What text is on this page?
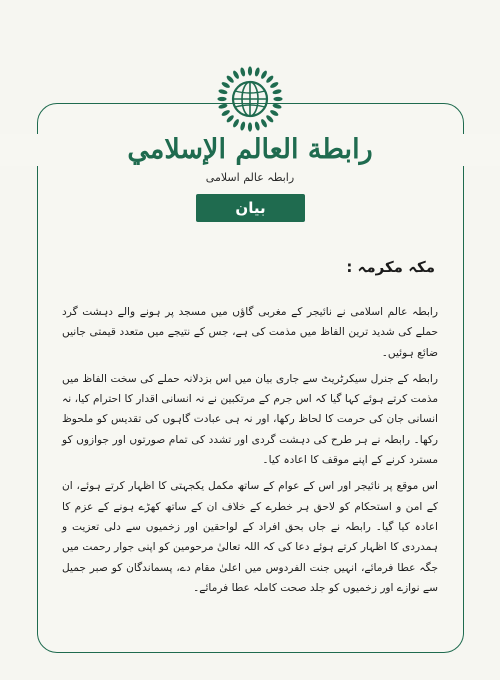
رابطة العالم الإسلامي
رابطہ عالم اسلامی
بیان
مکہ مکرمہ :

رابطہ عالم اسلامی نے نائیجر کے مغربی گاؤں میں مسجد پر ہونے والے دہشت گرد حملے کی شدید ترین الفاظ میں مذمت کی ہے، جس کے نتیجے میں متعدد قیمتی جانیں ضائع ہوئیں۔

رابطہ کے جنرل سیکرٹریٹ سے جاری بیان میں اس بزدلانہ حملے کی سخت الفاظ میں مذمت کرتے ہوئے کہا گیا کہ اس جرم کے مرتکبین نے نہ انسانی اقدار کا احترام کیا، نہ انسانی جان کی حرمت کا لحاظ رکھا، اور نہ ہی عبادت گاہوں کی تقدیس کو ملحوظ رکھا۔ رابطہ نے ہر طرح کی دہشت گردی اور تشدد کی تمام صورتوں اور جوازوں کو مسترد کرنے کے اپنے موقف کا اعادہ کیا۔

اس موقع پر نائیجر اور اس کے عوام کے ساتھ مکمل یکجہتی کا اظہار کرتے ہوئے، ان کے امن و استحکام کو لاحق ہر خطرے کے خلاف ان کے ساتھ کھڑے ہونے کے عزم کا اعادہ کیا گیا۔ رابطہ نے جاں بحق افراد کے لواحقین اور زخمیوں سے دلی تعزیت و ہمدردی کا اظہار کرتے ہوئے دعا کی کہ اللہ تعالیٰ مرحومین کو اپنی جوار رحمت میں جگہ عطا فرمائے، انہیں جنت الفردوس میں اعلیٰ مقام دے، پسماندگان کو صبر جمیل سے نوازے اور زخمیوں کو جلد صحت کاملہ عطا فرمائے۔
